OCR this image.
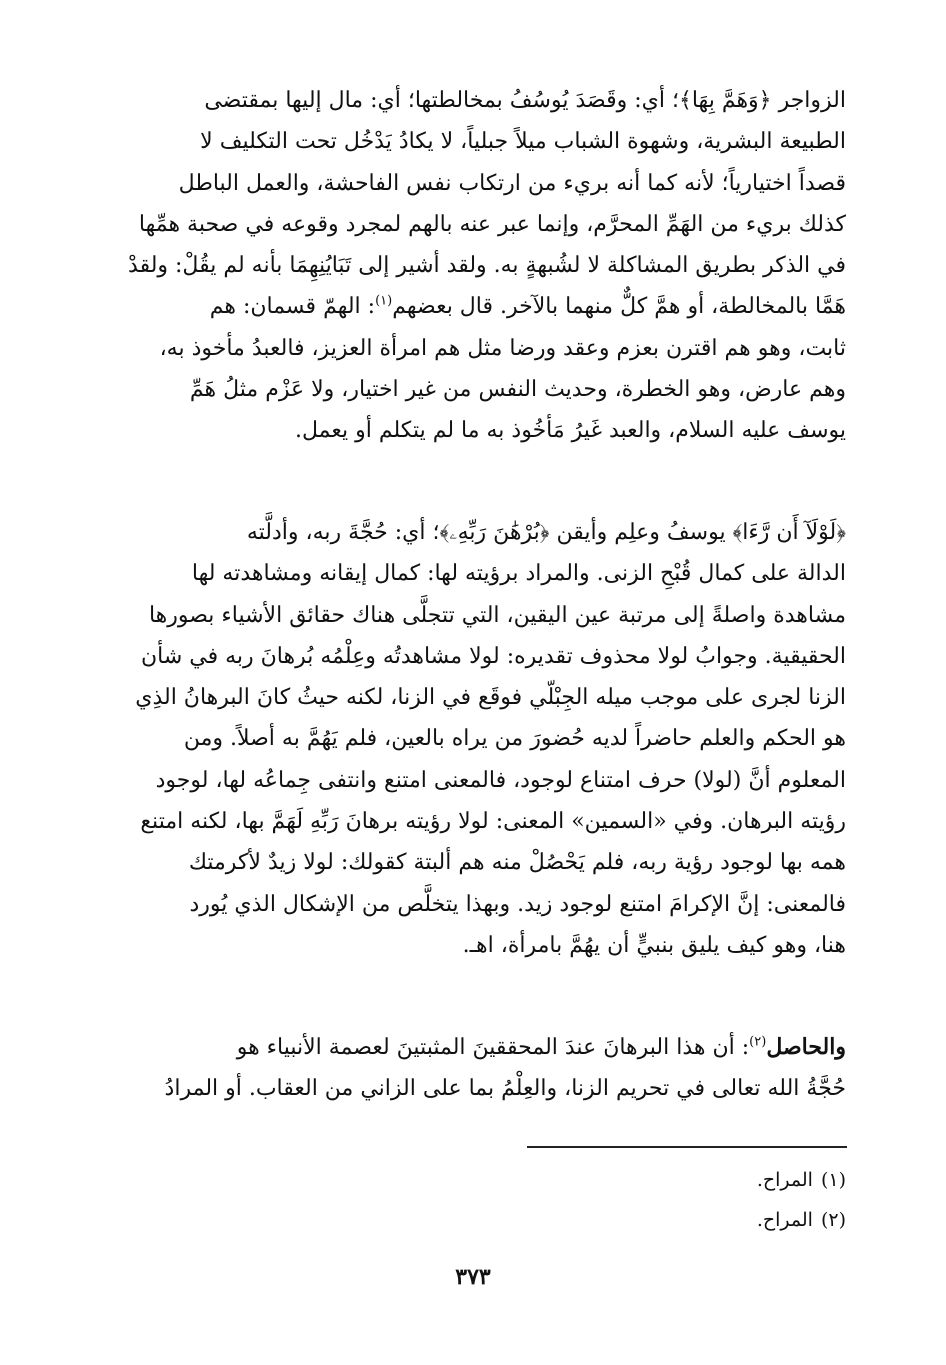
الزواجر ﴿وَهَمَّ بِهَا﴾؛ أي: وقَصَدَ يُوسُفُ بمخالطتها؛ أي: مال إليها بمقتضى
الطبيعة البشرية، وشهوة الشباب ميلاً جبلياً، لا يكادُ يَدْخُل تحت التكليف لا
قصداً اختيارياً؛ لأنه كما أنه بريء من ارتكاب نفس الفاحشة، والعمل الباطل
كذلك بريء من الهَمِّ المحرَّم، وإنما عبر عنه بالهم لمجرد وقوعه في صحبة همِّها
في الذكر بطريق المشاكلة لا لشُبهةٍ به. ولقد أشير إلى تَبَايُنِهِمَا بأنه لم يقُلْ: ولقدْ
هَمَّا بالمخالطة، أو همَّ كلٌّ منهما بالآخر. قال بعضهم$^{(١)}$: الهمّ قسمان: هم
ثابت، وهو هم اقترن بعزم وعقد ورضا مثل هم امرأة العزيز، فالعبدُ مأخوذ به،
وهم عارض، وهو الخطرة، وحديث النفس من غير اختيار، ولا عَزْم مثلُ هَمِّ
يوسف عليه السلام، والعبد غَيرُ مَأخُوذ به ما لم يتكلم أو يعمل.
﴿لَوْلَآ أَن رَّءَا﴾ يوسفُ وعلِم وأيقن ﴿بُرْهَٰنَ رَبِّهِۦ﴾؛ أي: حُجَّةَ ربه، وأدلَّته
الدالة على كمال قُبْحِ الزنى. والمراد برؤيته لها: كمال إيقانه ومشاهدته لها
مشاهدة واصلةً إلى مرتبة عين اليقين، التي تتجلَّى هناك حقائق الأشياء بصورها
الحقيقية. وجوابُ لولا محذوف تقديره: لولا مشاهدتُه وعِلْمُه بُرهانَ ربه في شأن
الزنا لجرى على موجب ميله الجِبْلّي فوقَع في الزنا، لكنه حيثُ كانَ البرهانُ الذِي
هو الحكم والعلم حاضراً لديه حُضورَ من يراه بالعين، فلم يَهُمَّ به أصلاً. ومن
المعلوم أنَّ (لولا) حرف امتناع لوجود، فالمعنى امتنع وانتفى جِماعُه لها، لوجود
رؤيته البرهان. وفي «السمين» المعنى: لولا رؤيته برهانَ رَبِّهِ لَهَمَّ بها، لكنه امتنع
همه بها لوجود رؤية ربه، فلم يَحْصُلْ منه هم ألبتة كقولك: لولا زيدٌ لأكرمتك
فالمعنى: إنَّ الإكرامَ امتنع لوجود زيد. وبهذا يتخلَّص من الإشكال الذي يُورد
هنا، وهو كيف يليق بنبيٍّ أن يهُمَّ بامرأة، اهـ.
والحاصل$^{(٢)}$: أن هذا البرهانَ عندَ المحققينَ المثبتينَ لعصمة الأنبياء هو
حُجَّةُ الله تعالى في تحريم الزنا، والعِلْمُ بما على الزاني من العقاب. أو المرادُ
(١)المراح.
(٢)المراح.
٣٧٣
